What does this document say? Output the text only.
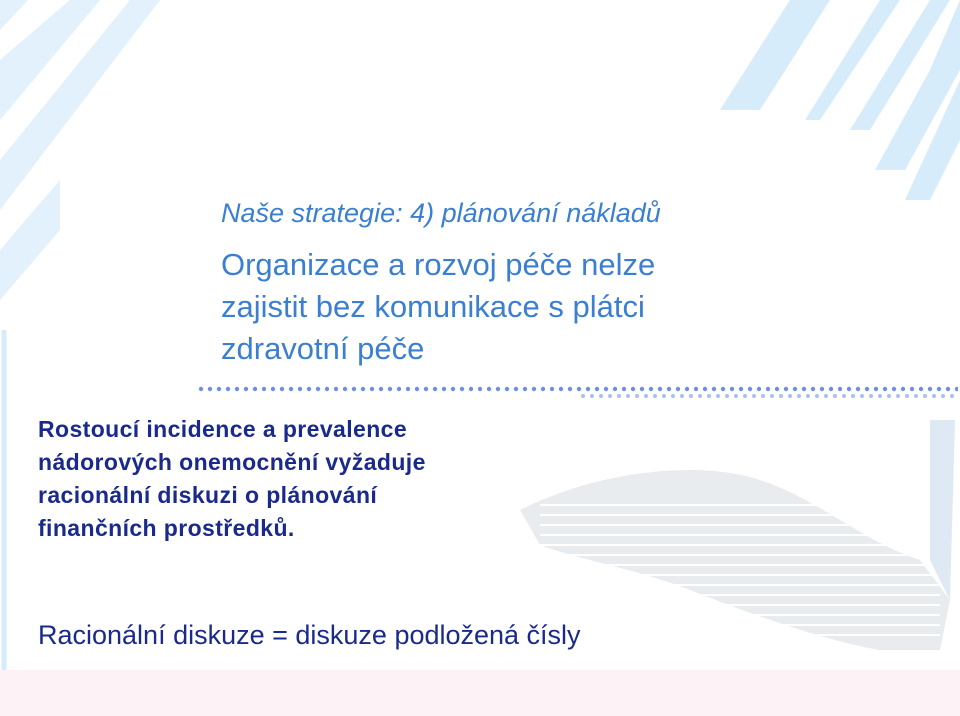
Naše strategie: 4) plánování nákladů
Organizace a rozvoj péče nelze
zajistit bez komunikace s plátci
zdravotní péče
Rostoucí incidence a prevalence
nádorových onemocnění vyžaduje
racionální diskuzi o plánování
finančních prostředků.

Racionální diskuze = diskuze podložená čísly
